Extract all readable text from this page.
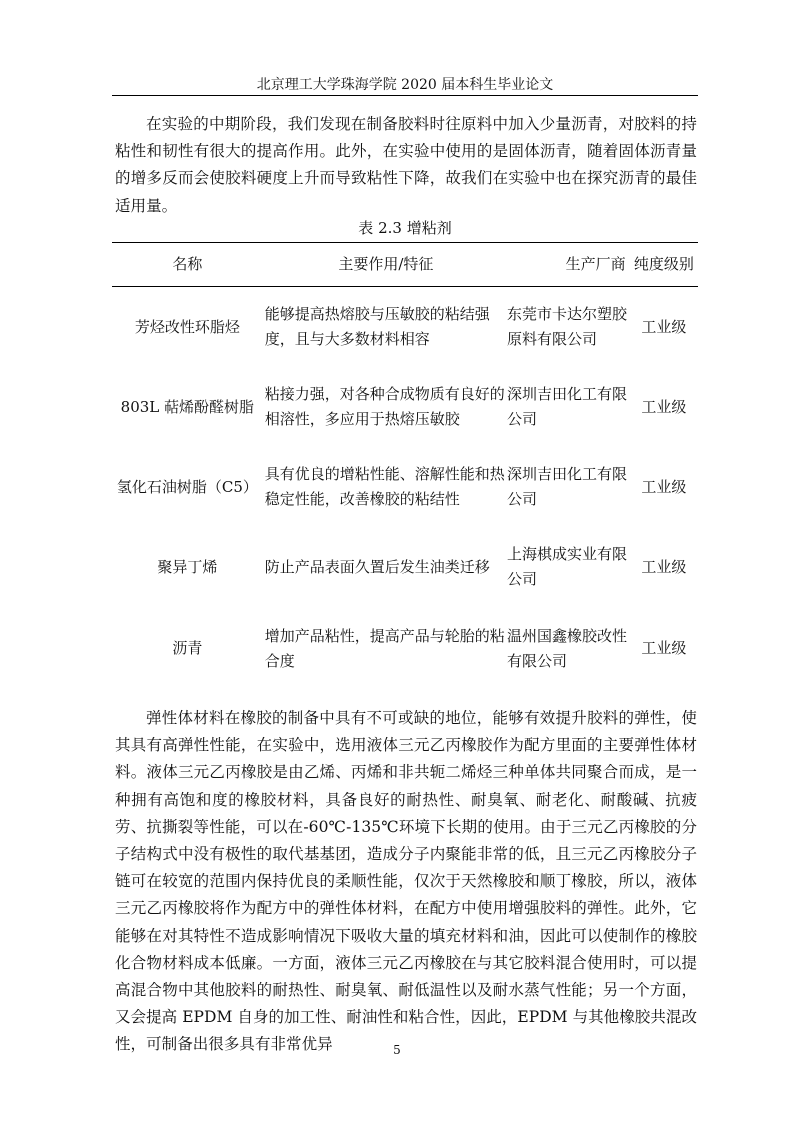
北京理工大学珠海学院 2020 届本科生毕业论文

在实验的中期阶段，我们发现在制备胶料时往原料中加入少量沥青，对胶料的持粘性和韧性有很大的提高作用。此外，在实验中使用的是固体沥青，随着固体沥青量的增多反而会使胶料硬度上升而导致粘性下降，故我们在实验中也在探究沥青的最佳适用量。

表 2.3 增粘剂
名称	主要作用/特征	生产厂商	纯度级别
芳烃改性环脂烃	能够提高热熔胶与压敏胶的粘结强度，且与大多数材料相容	东莞市卡达尔塑胶原料有限公司	工业级
803L 萜烯酚醛树脂	粘接力强，对各种合成物质有良好的相溶性，多应用于热熔压敏胶	深圳吉田化工有限公司	工业级
氢化石油树脂（C5）	具有优良的增粘性能、溶解性能和热稳定性能，改善橡胶的粘结性	深圳吉田化工有限公司	工业级
聚异丁烯	防止产品表面久置后发生油类迁移	上海棋成实业有限公司	工业级
沥青	增加产品粘性，提高产品与轮胎的粘合度	温州国鑫橡胶改性有限公司	工业级

弹性体材料在橡胶的制备中具有不可或缺的地位，能够有效提升胶料的弹性，使其具有高弹性性能，在实验中，选用液体三元乙丙橡胶作为配方里面的主要弹性体材料。液体三元乙丙橡胶是由乙烯、丙烯和非共轭二烯烃三种单体共同聚合而成，是一种拥有高饱和度的橡胶材料，具备良好的耐热性、耐臭氧、耐老化、耐酸碱、抗疲劳、抗撕裂等性能，可以在-60℃-135℃环境下长期的使用。由于三元乙丙橡胶的分子结构式中没有极性的取代基基团，造成分子内聚能非常的低，且三元乙丙橡胶分子链可在较宽的范围内保持优良的柔顺性能，仅次于天然橡胶和顺丁橡胶，所以，液体三元乙丙橡胶将作为配方中的弹性体材料，在配方中使用增强胶料的弹性。此外，它能够在对其特性不造成影响情况下吸收大量的填充材料和油，因此可以使制作的橡胶化合物材料成本低廉。一方面，液体三元乙丙橡胶在与其它胶料混合使用时，可以提高混合物中其他胶料的耐热性、耐臭氧、耐低温性以及耐水蒸气性能；另一个方面，又会提高 EPDM 自身的加工性、耐油性和粘合性，因此，EPDM 与其他橡胶共混改性，可制备出很多具有非常优异	5
